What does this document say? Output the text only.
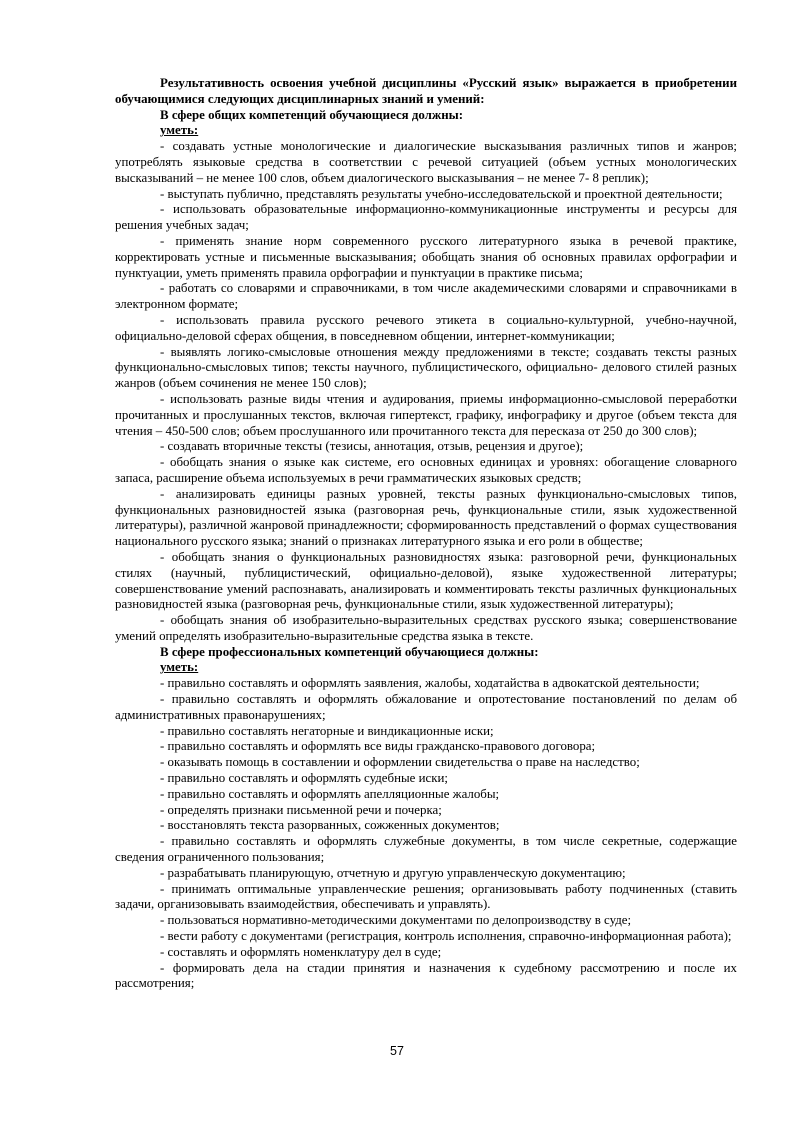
Результативность освоения учебной дисциплины «Русский язык» выражается в приобретении обучающимися следующих дисциплинарных знаний и умений:

В сфере общих компетенций обучающиеся должны:

уметь:

- создавать устные монологические и диалогические высказывания различных типов и жанров; употреблять языковые средства в соответствии с речевой ситуацией (объем устных монологических высказываний – не менее 100 слов, объем диалогического высказывания – не менее 7- 8 реплик);

- выступать публично, представлять результаты учебно-исследовательской и проектной деятельности;

- использовать образовательные информационно-коммуникационные инструменты и ресурсы для решения учебных задач;

- применять знание норм современного русского литературного языка в речевой практике, корректировать устные и письменные высказывания; обобщать знания об основных правилах орфографии и пунктуации, уметь применять правила орфографии и пунктуации в практике письма;

- работать со словарями и справочниками, в том числе академическими словарями и справочниками в электронном формате;

- использовать правила русского речевого этикета в социально-культурной, учебно-научной, официально-деловой сферах общения, в повседневном общении, интернет-коммуникации;

- выявлять логико-смысловые отношения между предложениями в тексте; создавать тексты разных функционально-смысловых типов; тексты научного, публицистического, официально- делового стилей разных жанров (объем сочинения не менее 150 слов);

- использовать разные виды чтения и аудирования, приемы информационно-смысловой переработки прочитанных и прослушанных текстов, включая гипертекст, графику, инфографику и другое (объем текста для чтения – 450-500 слов; объем прослушанного или прочитанного текста для пересказа от 250 до 300 слов);

- создавать вторичные тексты (тезисы, аннотация, отзыв, рецензия и другое);

- обобщать знания о языке как системе, его основных единицах и уровнях: обогащение словарного запаса, расширение объема используемых в речи грамматических языковых средств;

- анализировать единицы разных уровней, тексты разных функционально-смысловых типов, функциональных разновидностей языка (разговорная речь, функциональные стили, язык художественной литературы), различной жанровой принадлежности; сформированность представлений о формах существования национального русского языка; знаний о признаках литературного языка и его роли в обществе;

- обобщать знания о функциональных разновидностях языка: разговорной речи, функциональных стилях (научный, публицистический, официально-деловой), языке художественной литературы; совершенствование умений распознавать, анализировать и комментировать тексты различных функциональных разновидностей языка (разговорная речь, функциональные стили, язык художественной литературы);

- обобщать знания об изобразительно-выразительных средствах русского языка; совершенствование умений определять изобразительно-выразительные средства языка в тексте.

В сфере профессиональных компетенций обучающиеся должны:

уметь:

- правильно составлять и оформлять заявления, жалобы, ходатайства в адвокатской деятельности;

- правильно составлять и оформлять обжалование и опротестование постановлений по делам об административных правонарушениях;

- правильно составлять негаторные и виндикационные иски;

- правильно составлять и оформлять все виды гражданско-правового договора;

- оказывать помощь в составлении и оформлении свидетельства о праве на наследство;

- правильно составлять и оформлять судебные иски;

- правильно составлять и оформлять апелляционные жалобы;

- определять признаки письменной речи и почерка;

- восстановлять текста разорванных, сожженных документов;

- правильно составлять и оформлять служебные документы, в том числе секретные, содержащие сведения ограниченного пользования;

- разрабатывать планирующую, отчетную и другую управленческую документацию;

- принимать оптимальные управленческие решения; организовывать работу подчиненных (ставить задачи, организовывать взаимодействия, обеспечивать и управлять).

- пользоваться нормативно-методическими документами по делопроизводству в суде;

- вести работу с документами (регистрация, контроль исполнения, справочно-информационная работа);

- составлять и оформлять номенклатуру дел в суде;

- формировать дела на стадии принятия и назначения к судебному рассмотрению и после их рассмотрения;

57
